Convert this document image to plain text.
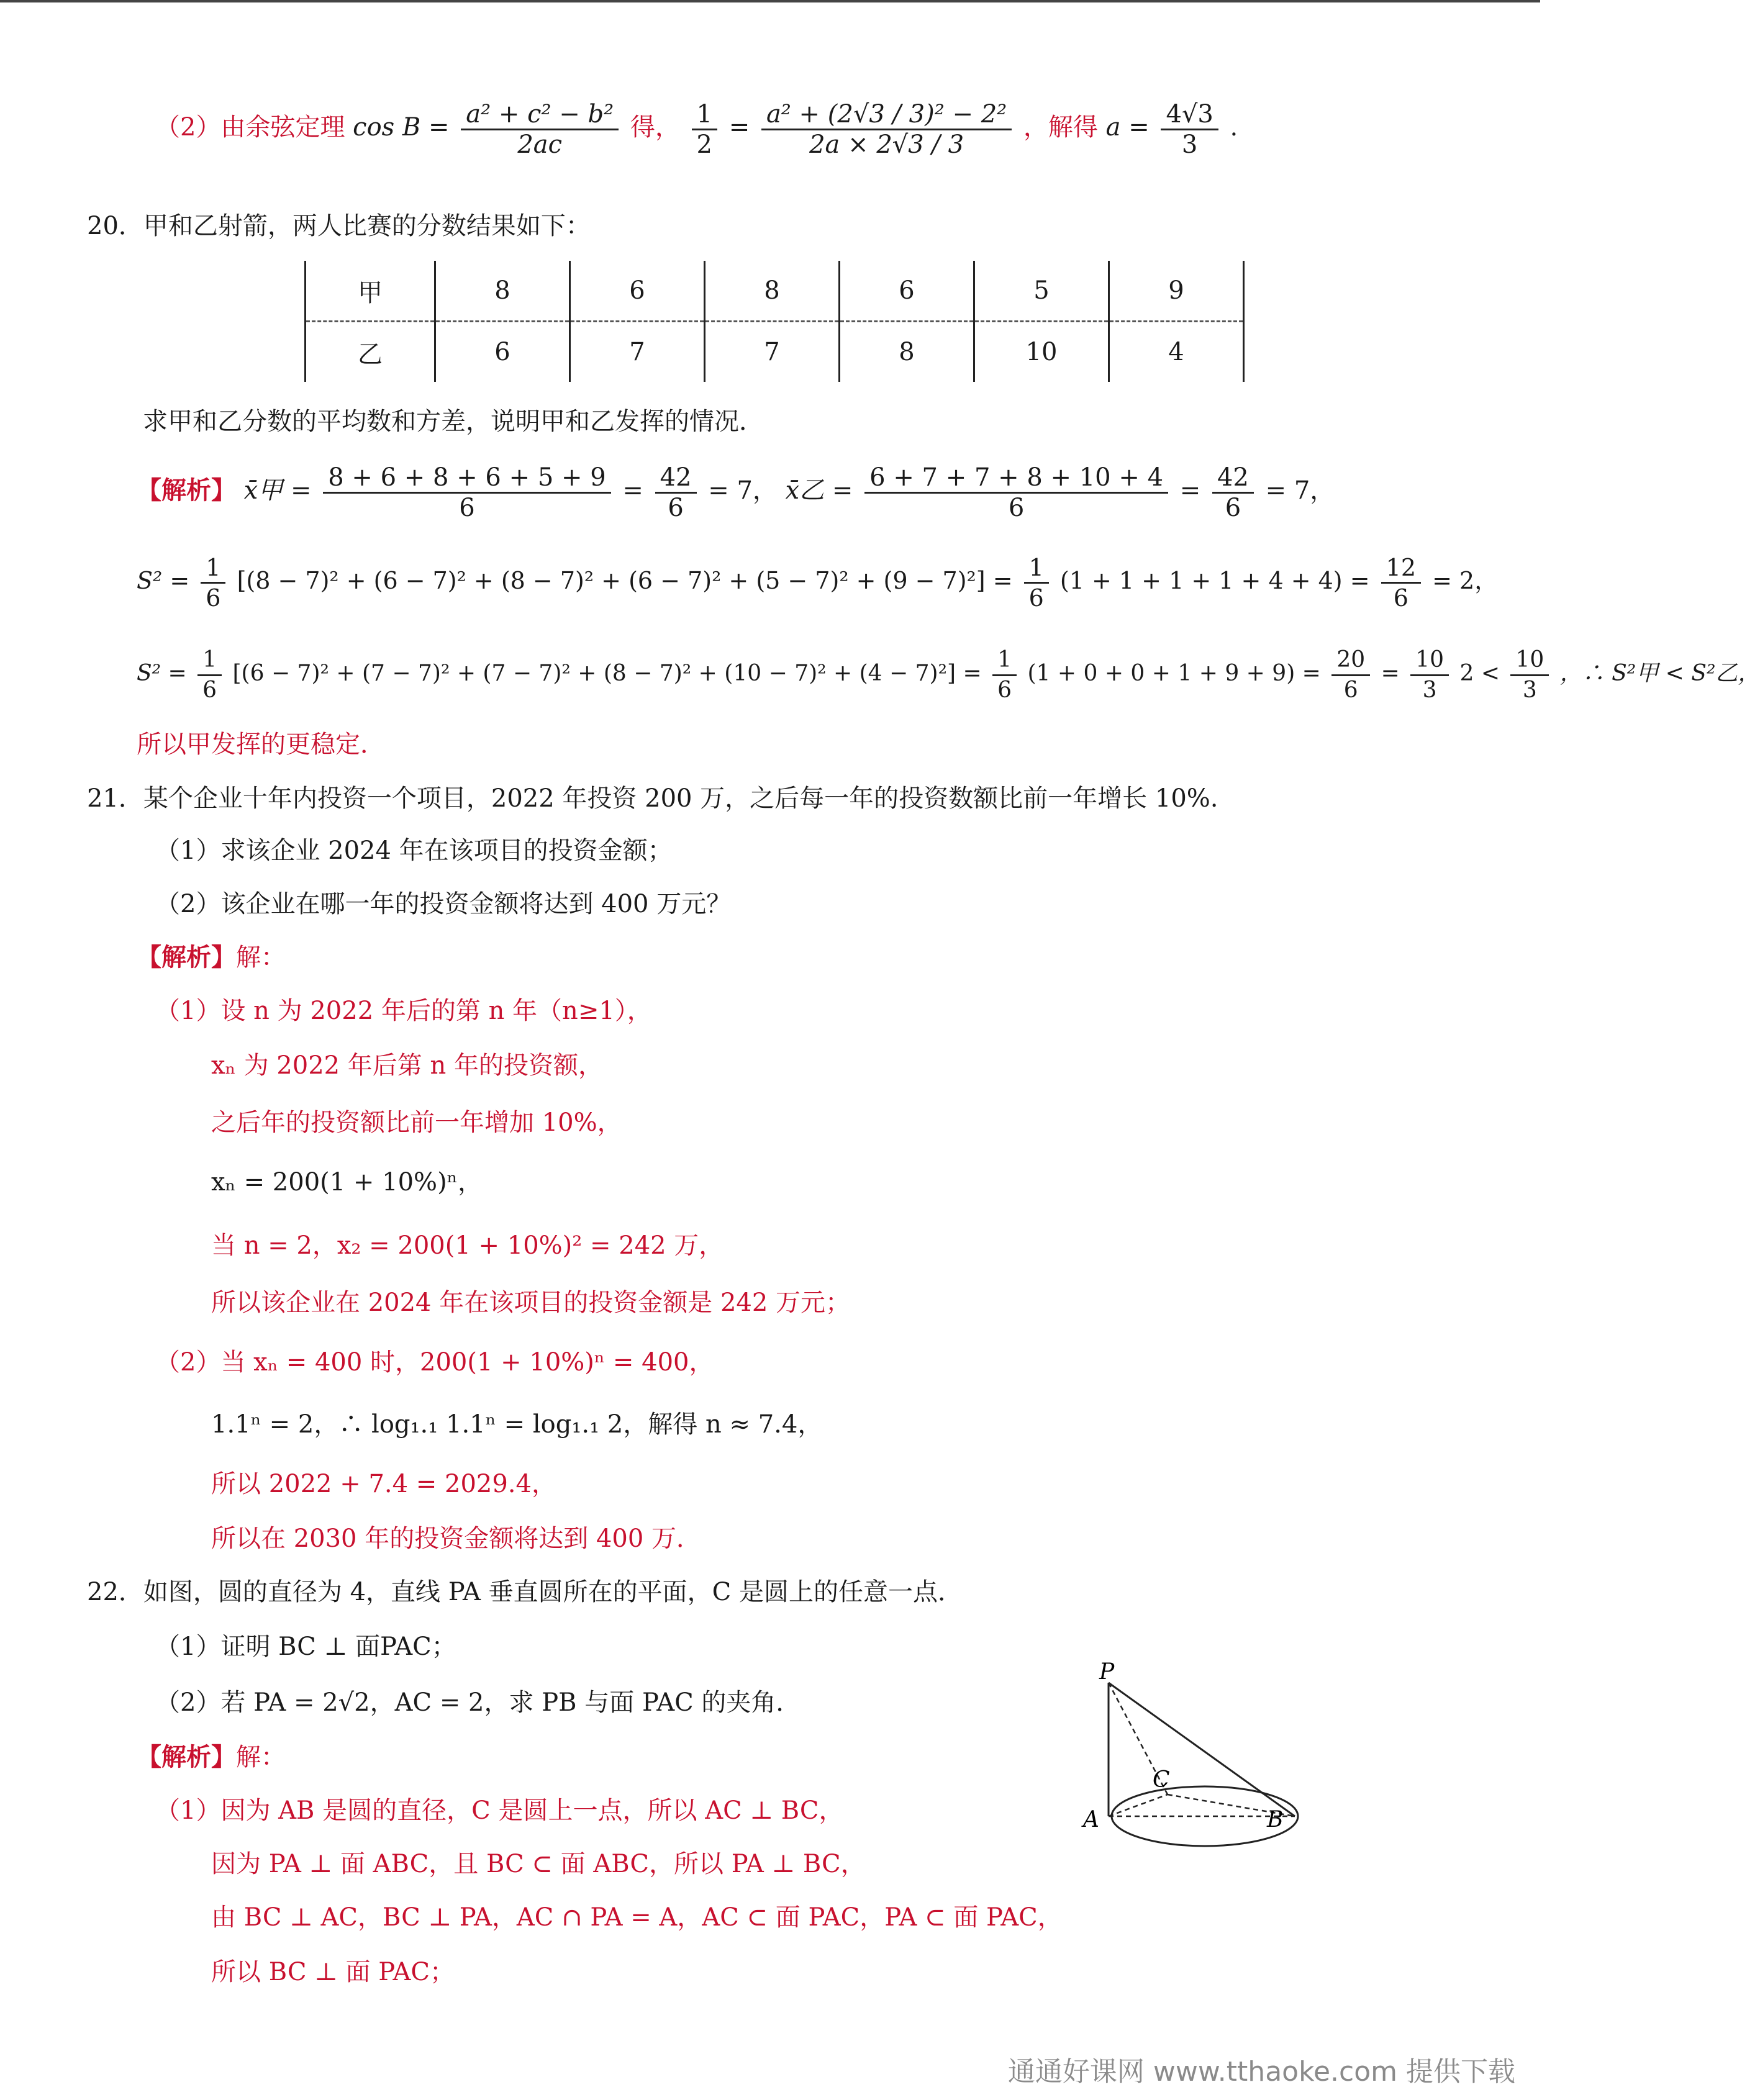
（2）由余弦定理 $\cos B = \frac{\text{a² + c² − b²}}{2ac}$ 得， $\frac{1}{2} = \frac{\text{a² + (2√3 / 3)² − 2²}}{2a \times 2√3 / 3}$ ，解得 $a = \frac{4√3}{3}$ .
20．甲和乙射箭，两人比赛的分数结果如下：
甲	8	6	8	6	5	9
乙	6	7	7	8	10	4
求甲和乙分数的平均数和方差，说明甲和乙发挥的情况．
【解析】 x̄甲 = $\frac{8 + 6 + 8 + 6 + 5 + 9}{6} = \frac{42}{6} = 7$， x̄乙 = $\frac{6 + 7 + 7 + 8 + 10 + 4}{6} = \frac{42}{6} = 7$，
$S^2 = \frac{1}{6} [(8 - 7)^2 + (6 - 7)^2 + (8 - 7)^2 + (6 - 7)^2 + (5 - 7)^2 + (9 - 7)^2] = \frac{1}{6} (1 + 1 + 1 + 1 + 4 + 4) = \frac{12}{6} = 2$，
$S^2 = \frac{1}{6} [(6 - 7)^2 + (7 - 7)^2 + (7 - 7)^2 + (8 - 7)^2 + (10 - 7)^2 + (4 - 7)^2] = \frac{1}{6} (1 + 0 + 0 + 1 + 9 + 9) = \frac{20}{6} = \frac{10}{3} 2 < \frac{10}{3}$ ，∴ S²甲 < S²乙，
所以甲发挥的更稳定．
21．某个企业十年内投资一个项目，2022 年投资 200 万，之后每一年的投资数额比前一年增长 10%.
（1）求该企业 2024 年在该项目的投资金额；
（2）该企业在哪一年的投资金额将达到 400 万元？
【解析】解：
（1）设 n 为 2022 年后的第 n 年（n≥1），
xₙ 为 2022 年后第 n 年的投资额，
之后年的投资额比前一年增加 10%，
xₙ = 200(1 + 10%)ⁿ，
当 n = 2，x₂ = 200(1 + 10%)² = 242 万，
所以该企业在 2024 年在该项目的投资金额是 242 万元；
（2）当 xₙ = 400 时，200(1 + 10%)ⁿ = 400，
1.1ⁿ = 2，∴ log₁.₁ 1.1ⁿ = log₁.₁ 2，解得 n ≈ 7.4，
所以 2022 + 7.4 = 2029.4，
所以在 2030 年的投资金额将达到 400 万．
22．如图，圆的直径为 4，直线 PA 垂直圆所在的平面，C 是圆上的任意一点．
（1）证明 BC ⊥ 面PAC；
（2）若 PA = 2√2，AC = 2，求 PB 与面 PAC 的夹角．
【解析】解：
（1）因为 AB 是圆的直径，C 是圆上一点，所以 AC ⊥ BC，
因为 PA ⊥ 面 ABC，且 BC ⊂ 面 ABC，所以 PA ⊥ BC，
由 BC ⊥ AC，BC ⊥ PA，AC ∩ PA = A，AC ⊂ 面 PAC，PA ⊂ 面 PAC，
所以 BC ⊥ 面 PAC；
P
A	B
C
通通好课网 www.tthaoke.com 提供下载
